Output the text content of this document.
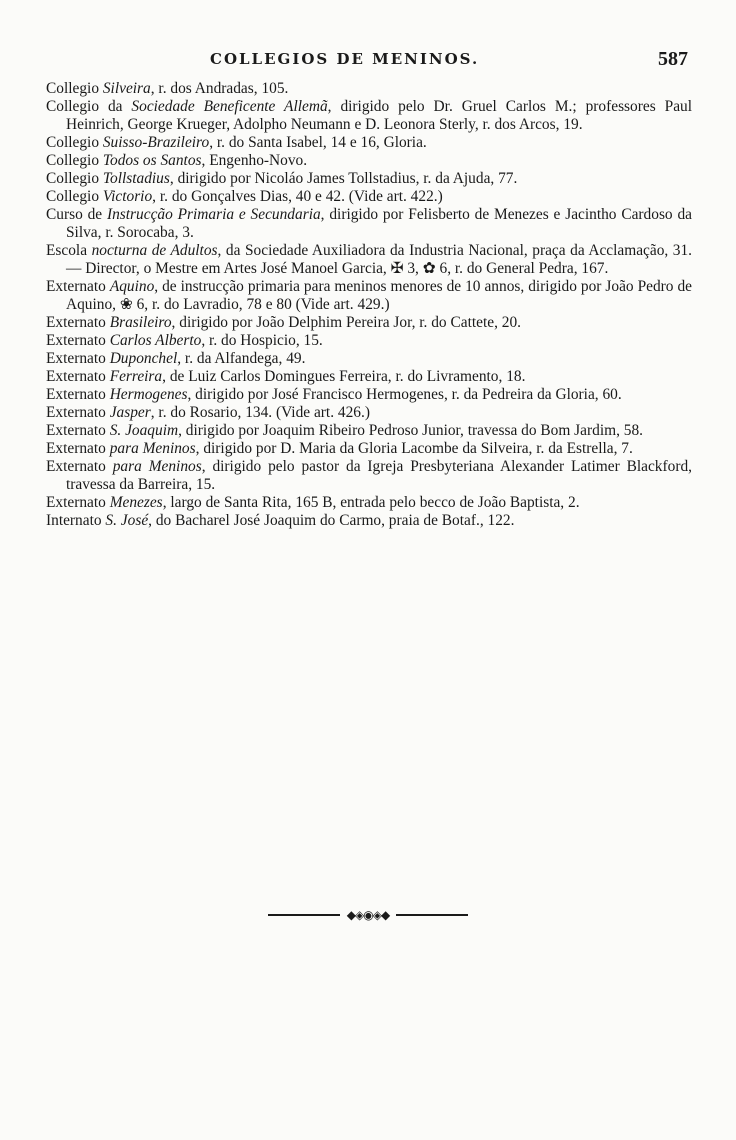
COLLEGIOS DE MENINOS.	587

Collegio Silveira, r. dos Andradas, 105.

Collegio da Sociedade Beneficente Allemã, dirigido pelo Dr. Gruel Carlos M.; professores Paul Heinrich, George Krueger, Adolpho Neumann e D. Leonora Sterly, r. dos Arcos, 19.

Collegio Suisso-Brazileiro, r. do Santa Isabel, 14 e 16, Gloria.

Collegio Todos os Santos, Engenho-Novo.

Collegio Tollstadius, dirigido por Nicoláo James Tollstadius, r. da Ajuda, 77.

Collegio Victorio, r. do Gonçalves Dias, 40 e 42. (Vide art. 422.)

Curso de Instrucção Primaria e Secundaria, dirigido por Felisberto de Menezes e Jacintho Cardoso da Silva, r. Sorocaba, 3.

Escola nocturna de Adultos, da Sociedade Auxiliadora da Industria Nacional, praça da Acclamação, 31.— Director, o Mestre em Artes José Manoel Garcia, ✠ 3, ✿ 6, r. do General Pedra, 167.

Externato Aquino, de instrucção primaria para meninos menores de 10 annos, dirigido por João Pedro de Aquino, ❀ 6, r. do Lavradio, 78 e 80 (Vide art. 429.)

Externato Brasileiro, dirigido por João Delphim Pereira Jor, r. do Cattete, 20.

Externato Carlos Alberto, r. do Hospicio, 15.

Externato Duponchel, r. da Alfandega, 49.

Externato Ferreira, de Luiz Carlos Domingues Ferreira, r. do Livramento, 18.

Externato Hermogenes, dirigido por José Francisco Hermogenes, r. da Pedreira da Gloria, 60.

Externato Jasper, r. do Rosario, 134. (Vide art. 426.)

Externato S. Joaquim, dirigido por Joaquim Ribeiro Pedroso Junior, travessa do Bom Jardim, 58.

Externato para Meninos, dirigido por D. Maria da Gloria Lacombe da Silveira, r. da Estrella, 7.

Externato para Meninos, dirigido pelo pastor da Igreja Presbyteriana Alexander Latimer Blackford, travessa da Barreira, 15.

Externato Menezes, largo de Santa Rita, 165 B, entrada pelo becco de João Baptista, 2.

Internato S. José, do Bacharel José Joaquim do Carmo, praia de Botaf., 122.

◆◈◉◈◆
